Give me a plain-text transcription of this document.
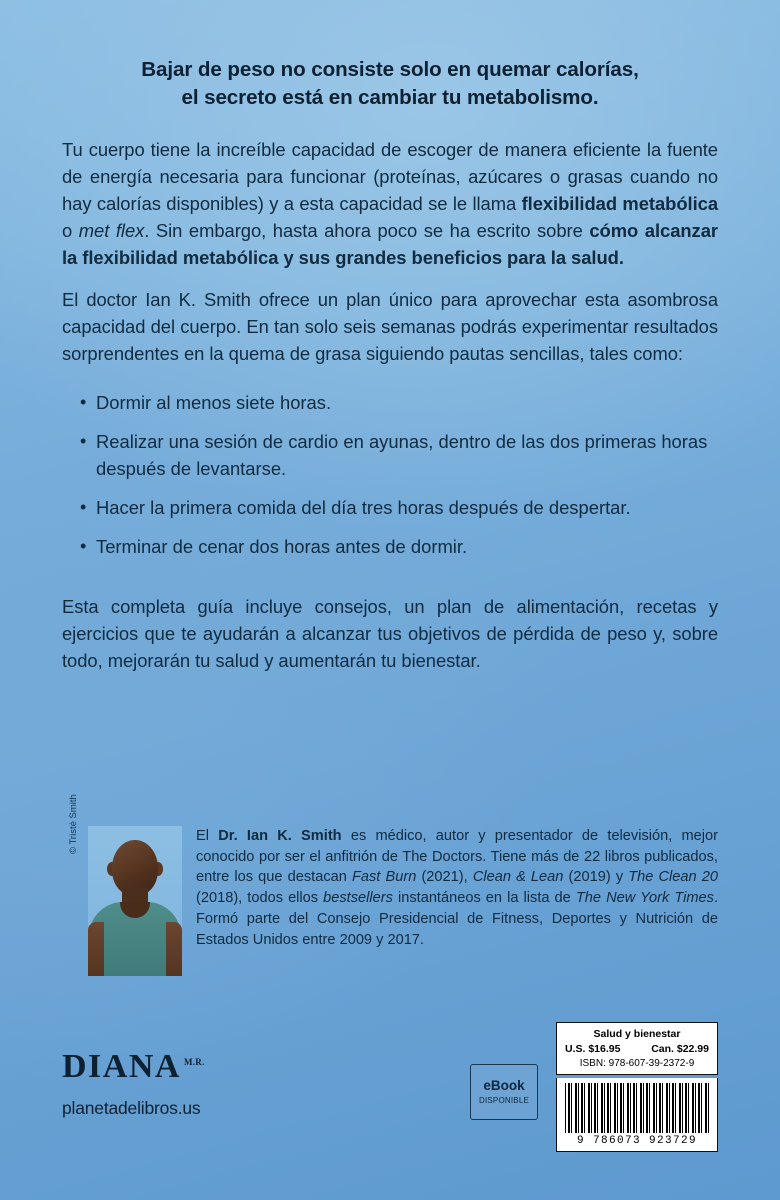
Bajar de peso no consiste solo en quemar calorías,
el secreto está en cambiar tu metabolismo.

Tu cuerpo tiene la increíble capacidad de escoger de manera eficiente la fuente de energía necesaria para funcionar (proteínas, azúcares o grasas cuando no hay calorías disponibles) y a esta capacidad se le llama flexibilidad metabólica o met flex. Sin embargo, hasta ahora poco se ha escrito sobre cómo alcanzar la flexibilidad metabólica y sus grandes beneficios para la salud.

El doctor Ian K. Smith ofrece un plan único para aprovechar esta asombrosa capacidad del cuerpo. En tan solo seis semanas podrás experimentar resultados sorprendentes en la quema de grasa siguiendo pautas sencillas, tales como:

• Dormir al menos siete horas.
• Realizar una sesión de cardio en ayunas, dentro de las dos primeras horas después de levantarse.
• Hacer la primera comida del día tres horas después de despertar.
• Terminar de cenar dos horas antes de dormir.

Esta completa guía incluye consejos, un plan de alimentación, recetas y ejercicios que te ayudarán a alcanzar tus objetivos de pérdida de peso y, sobre todo, mejorarán tu salud y aumentarán tu bienestar.

© Tristé Smith	El Dr. Ian K. Smith es médico, autor y presentador de televisión, mejor conocido por ser el anfitrión de The Doctors. Tiene más de 22 libros publicados, entre los que destacan Fast Burn (2021), Clean & Lean (2019) y The Clean 20 (2018), todos ellos bestsellers instantáneos en la lista de The New York Times. Formó parte del Consejo Presidencial de Fitness, Deportes y Nutrición de Estados Unidos entre 2009 y 2017.
DIANA M.R.
planetadelibros.us
eBook
DISPONIBLE
Salud y bienestar
U.S. $16.95	Can. $22.99
ISBN: 978-607-39-2372-9
9 786073 923729
